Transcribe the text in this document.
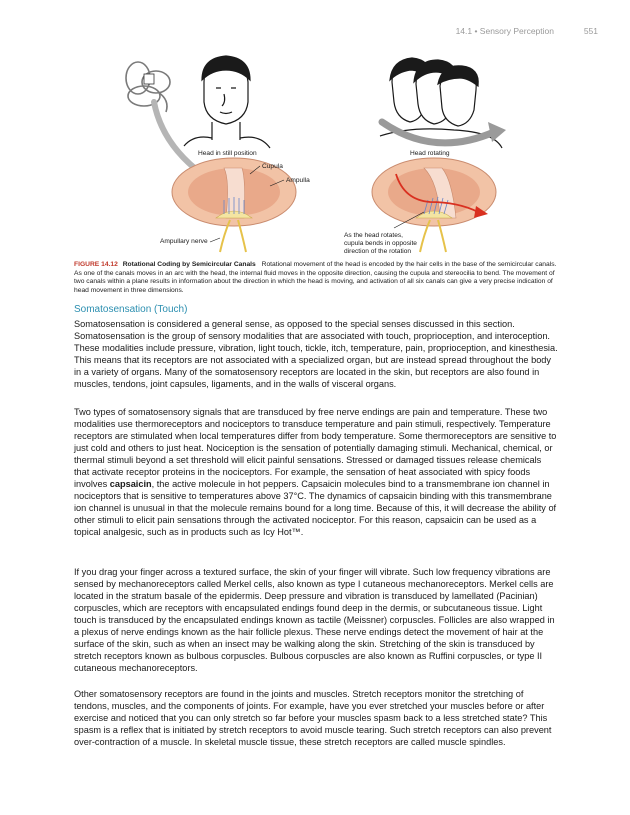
14.1 • Sensory Perception	551
Head in still position	Head rotating
Cupula
Ampulla
Ampullary nerve
As the head rotates,
cupula bends in opposite
direction of the rotation
FIGURE 14.12 Rotational Coding by Semicircular Canals Rotational movement of the head is encoded by the hair cells in the base of the semicircular canals. As one of the canals moves in an arc with the head, the internal fluid moves in the opposite direction, causing the cupula and stereocilia to bend. The movement of two canals within a plane results in information about the direction in which the head is moving, and activation of all six canals can give a very precise indication of head movement in three dimensions.
Somatosensation (Touch)

Somatosensation is considered a general sense, as opposed to the special senses discussed in this section. Somatosensation is the group of sensory modalities that are associated with touch, proprioception, and interoception. These modalities include pressure, vibration, light touch, tickle, itch, temperature, pain, proprioception, and kinesthesia. This means that its receptors are not associated with a specialized organ, but are instead spread throughout the body in a variety of organs. Many of the somatosensory receptors are located in the skin, but receptors are also found in muscles, tendons, joint capsules, ligaments, and in the walls of visceral organs.

Two types of somatosensory signals that are transduced by free nerve endings are pain and temperature. These two modalities use thermoreceptors and nociceptors to transduce temperature and pain stimuli, respectively. Temperature receptors are stimulated when local temperatures differ from body temperature. Some thermoreceptors are sensitive to just cold and others to just heat. Nociception is the sensation of potentially damaging stimuli. Mechanical, chemical, or thermal stimuli beyond a set threshold will elicit painful sensations. Stressed or damaged tissues release chemicals that activate receptor proteins in the nociceptors. For example, the sensation of heat associated with spicy foods involves capsaicin, the active molecule in hot peppers. Capsaicin molecules bind to a transmembrane ion channel in nociceptors that is sensitive to temperatures above 37°C. The dynamics of capsaicin binding with this transmembrane ion channel is unusual in that the molecule remains bound for a long time. Because of this, it will decrease the ability of other stimuli to elicit pain sensations through the activated nociceptor. For this reason, capsaicin can be used as a topical analgesic, such as in products such as Icy Hot™.

If you drag your finger across a textured surface, the skin of your finger will vibrate. Such low frequency vibrations are sensed by mechanoreceptors called Merkel cells, also known as type I cutaneous mechanoreceptors. Merkel cells are located in the stratum basale of the epidermis. Deep pressure and vibration is transduced by lamellated (Pacinian) corpuscles, which are receptors with encapsulated endings found deep in the dermis, or subcutaneous tissue. Light touch is transduced by the encapsulated endings known as tactile (Meissner) corpuscles. Follicles are also wrapped in a plexus of nerve endings known as the hair follicle plexus. These nerve endings detect the movement of hair at the surface of the skin, such as when an insect may be walking along the skin. Stretching of the skin is transduced by stretch receptors known as bulbous corpuscles. Bulbous corpuscles are also known as Ruffini corpuscles, or type II cutaneous mechanoreceptors.

Other somatosensory receptors are found in the joints and muscles. Stretch receptors monitor the stretching of tendons, muscles, and the components of joints. For example, have you ever stretched your muscles before or after exercise and noticed that you can only stretch so far before your muscles spasm back to a less stretched state? This spasm is a reflex that is initiated by stretch receptors to avoid muscle tearing. Such stretch receptors can also prevent over-contraction of a muscle. In skeletal muscle tissue, these stretch receptors are called muscle spindles.
